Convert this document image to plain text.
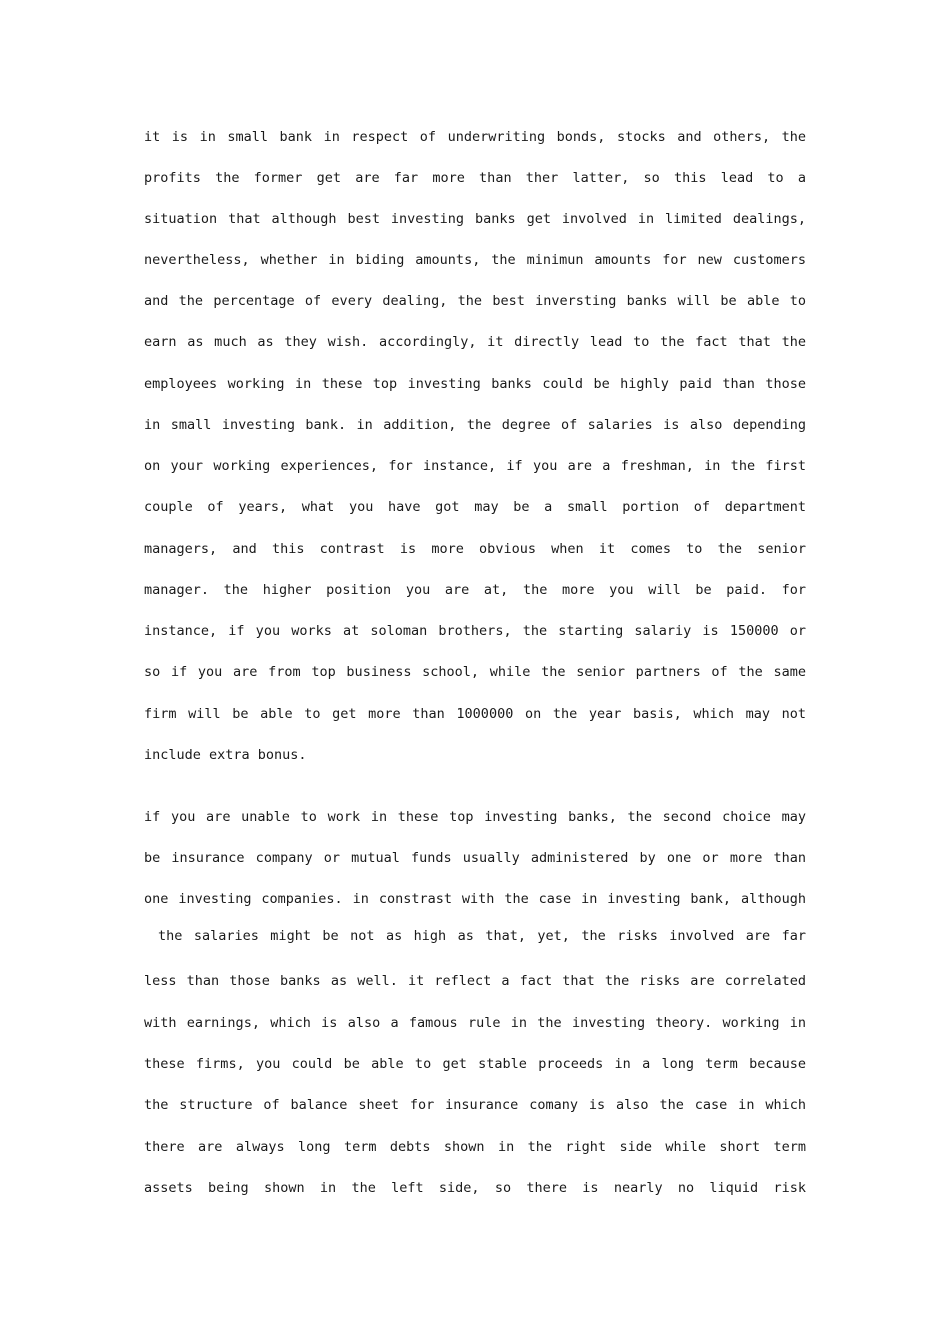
it is in small bank in respect of underwriting bonds, stocks and others, the
profits the former get are far more than ther latter, so this lead to a
situation that although best investing banks get involved in limited dealings,
nevertheless, whether in biding amounts, the minimun amounts for new customers
and the percentage of every dealing, the best inversting banks will be able to
earn as much as they wish. accordingly, it directly lead to the fact that the
employees working in these top investing banks could be highly paid than those
in small investing bank. in addition, the degree of salaries is also depending
on your working experiences, for instance, if you are a freshman, in the first
couple of years, what you have got may be a small portion of department
managers, and this contrast is more obvious when it comes to the senior
manager. the higher position you are at, the more you will be paid. for
instance, if you works at soloman brothers, the starting salariy is 150000 or
so if you are from top business school, while the senior partners of the same
firm will be able to get more than 1000000 on the year basis, which may not
include extra bonus.
if you are unable to work in these top investing banks, the second choice may
be insurance company or mutual funds usually administered by one or more than
one investing companies. in constrast with the case in investing bank, although
the salaries might be not as high as that, yet, the risks involved are far
less than those banks as well. it reflect a fact that the risks are correlated
with earnings, which is also a famous rule in the investing theory. working in
these firms, you could be able to get stable proceeds in a long term because
the structure of balance sheet for insurance comany is also the case in which
there are always long term debts shown in the right side while short term
assets being shown in the left side, so there is nearly no liquid risk
